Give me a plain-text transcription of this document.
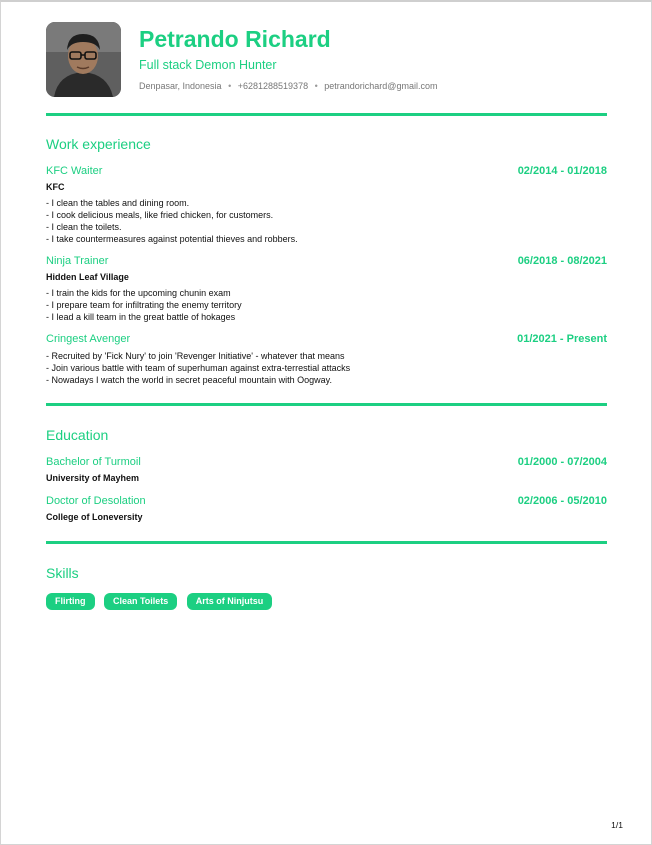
Petrando Richard
Full stack Demon Hunter
Denpasar, Indonesia • +6281288519378 • petrandorichard@gmail.com
Work experience
KFC Waiter	02/2014 - 01/2018
KFC
- I clean the tables and dining room.
- I cook delicious meals, like fried chicken, for customers.
- I clean the toilets.
- I take countermeasures against potential thieves and robbers.
Ninja Trainer	06/2018 - 08/2021
Hidden Leaf Village
- I train the kids for the upcoming chunin exam
- I prepare team for infiltrating the enemy territory
- I lead a kill team in the great battle of hokages
Cringest Avenger	01/2021 - Present
- Recruited by 'Fick Nury' to join 'Revenger Initiative' - whatever that means
- Join various battle with team of superhuman against extra-terrestial attacks
- Nowadays I watch the world in secret peaceful mountain with Oogway.
Education
Bachelor of Turmoil	01/2000 - 07/2004
University of Mayhem
Doctor of Desolation	02/2006 - 05/2010
College of Loneversity
Skills
Flirting	Clean Toilets	Arts of Ninjutsu
1/1
